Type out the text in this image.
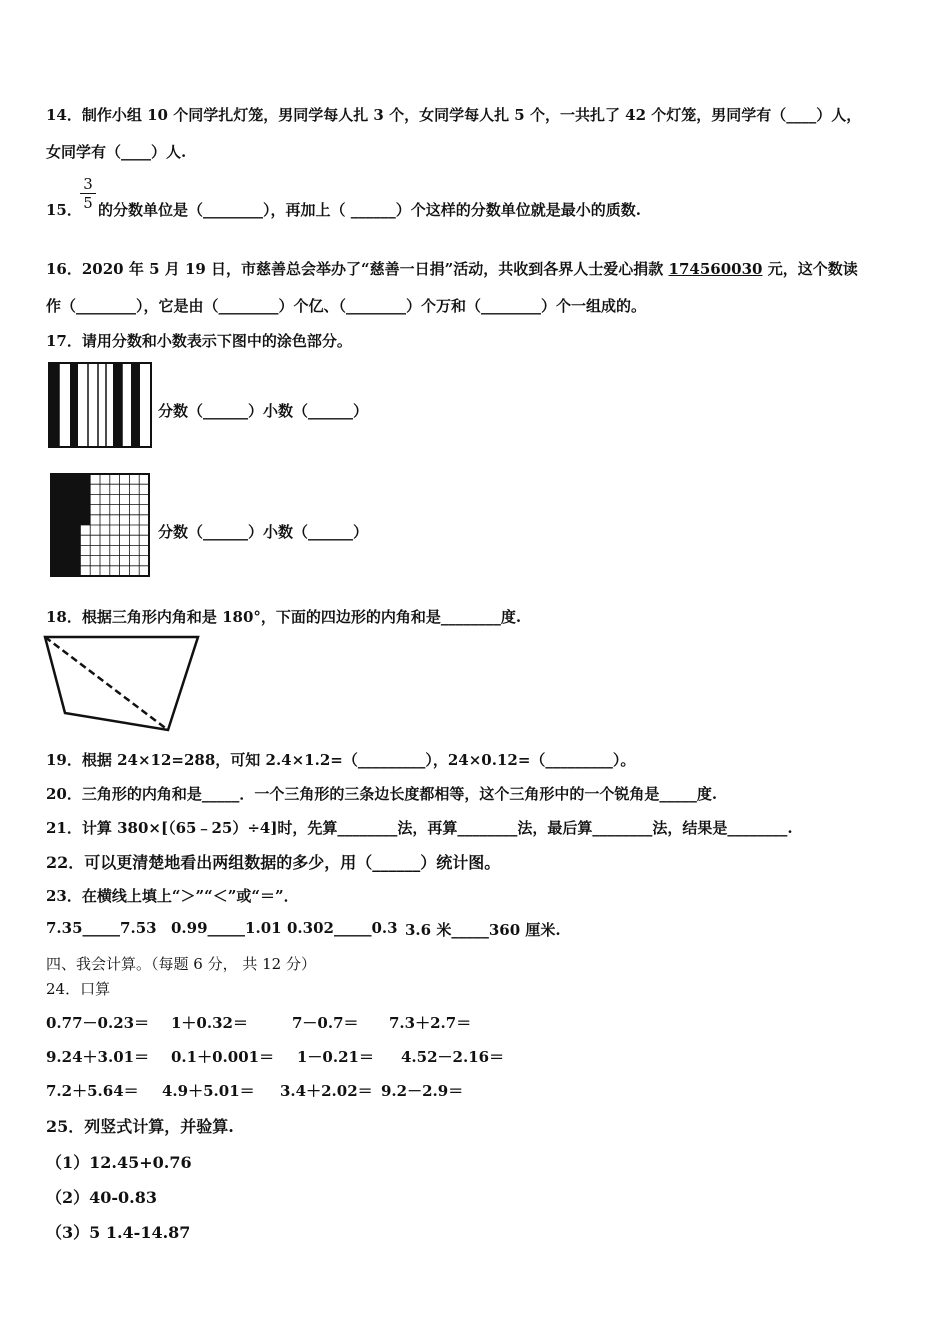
14．制作小组 10 个同学扎灯笼，男同学每人扎 3 个，女同学每人扎 5 个，一共扎了 42 个灯笼，男同学有（____）人，
女同学有（____）人.
15．
$\frac{3}{5}$ 的分数单位是（________），再加上（ ______）个这样的分数单位就是最小的质数.
16．2020 年 5 月 19 日，市慈善总会举办了“慈善一日捐”活动，共收到各界人士爱心捐款 174560030 元，这个数读
作（________），它是由（________）个亿、（________）个万和（________）个一组成的。
17．请用分数和小数表示下图中的涂色部分。
分数（______）小数（______）
分数（______）小数（______）
18．根据三角形内角和是 180°，下面的四边形的内角和是________度.
19．根据 24×12=288，可知 2.4×1.2=（_________），24×0.12=（_________）。
20．三角形的内角和是_____．一个三角形的三条边长度都相等，这个三角形中的一个锐角是_____度.
21．计算 380×[（65﹣25）÷4]时，先算________法，再算________法，最后算________法，结果是________.
22．可以更清楚地看出两组数据的多少，用（______）统计图。
23．在横线上填上“＞”“＜”或“＝”．
7.35_____7.53 0.99_____1.01 0.302_____0.3 3.6 米_____360 厘米.
四、我会计算。（每题 6 分， 共 12 分）
24．口算
0.77－0.23＝ 1＋0.32＝	7－0.7＝ 7.3＋2.7＝
9.24＋3.01＝ 0.1＋0.001＝ 1－0.21＝ 4.52－2.16＝
7.2＋5.64＝ 4.9＋5.01＝ 3.4＋2.02＝ 9.2－2.9＝
25．列竖式计算，并验算.
（1）12.45+0.76
（2）40-0.83
（3）5 1.4-14.87
